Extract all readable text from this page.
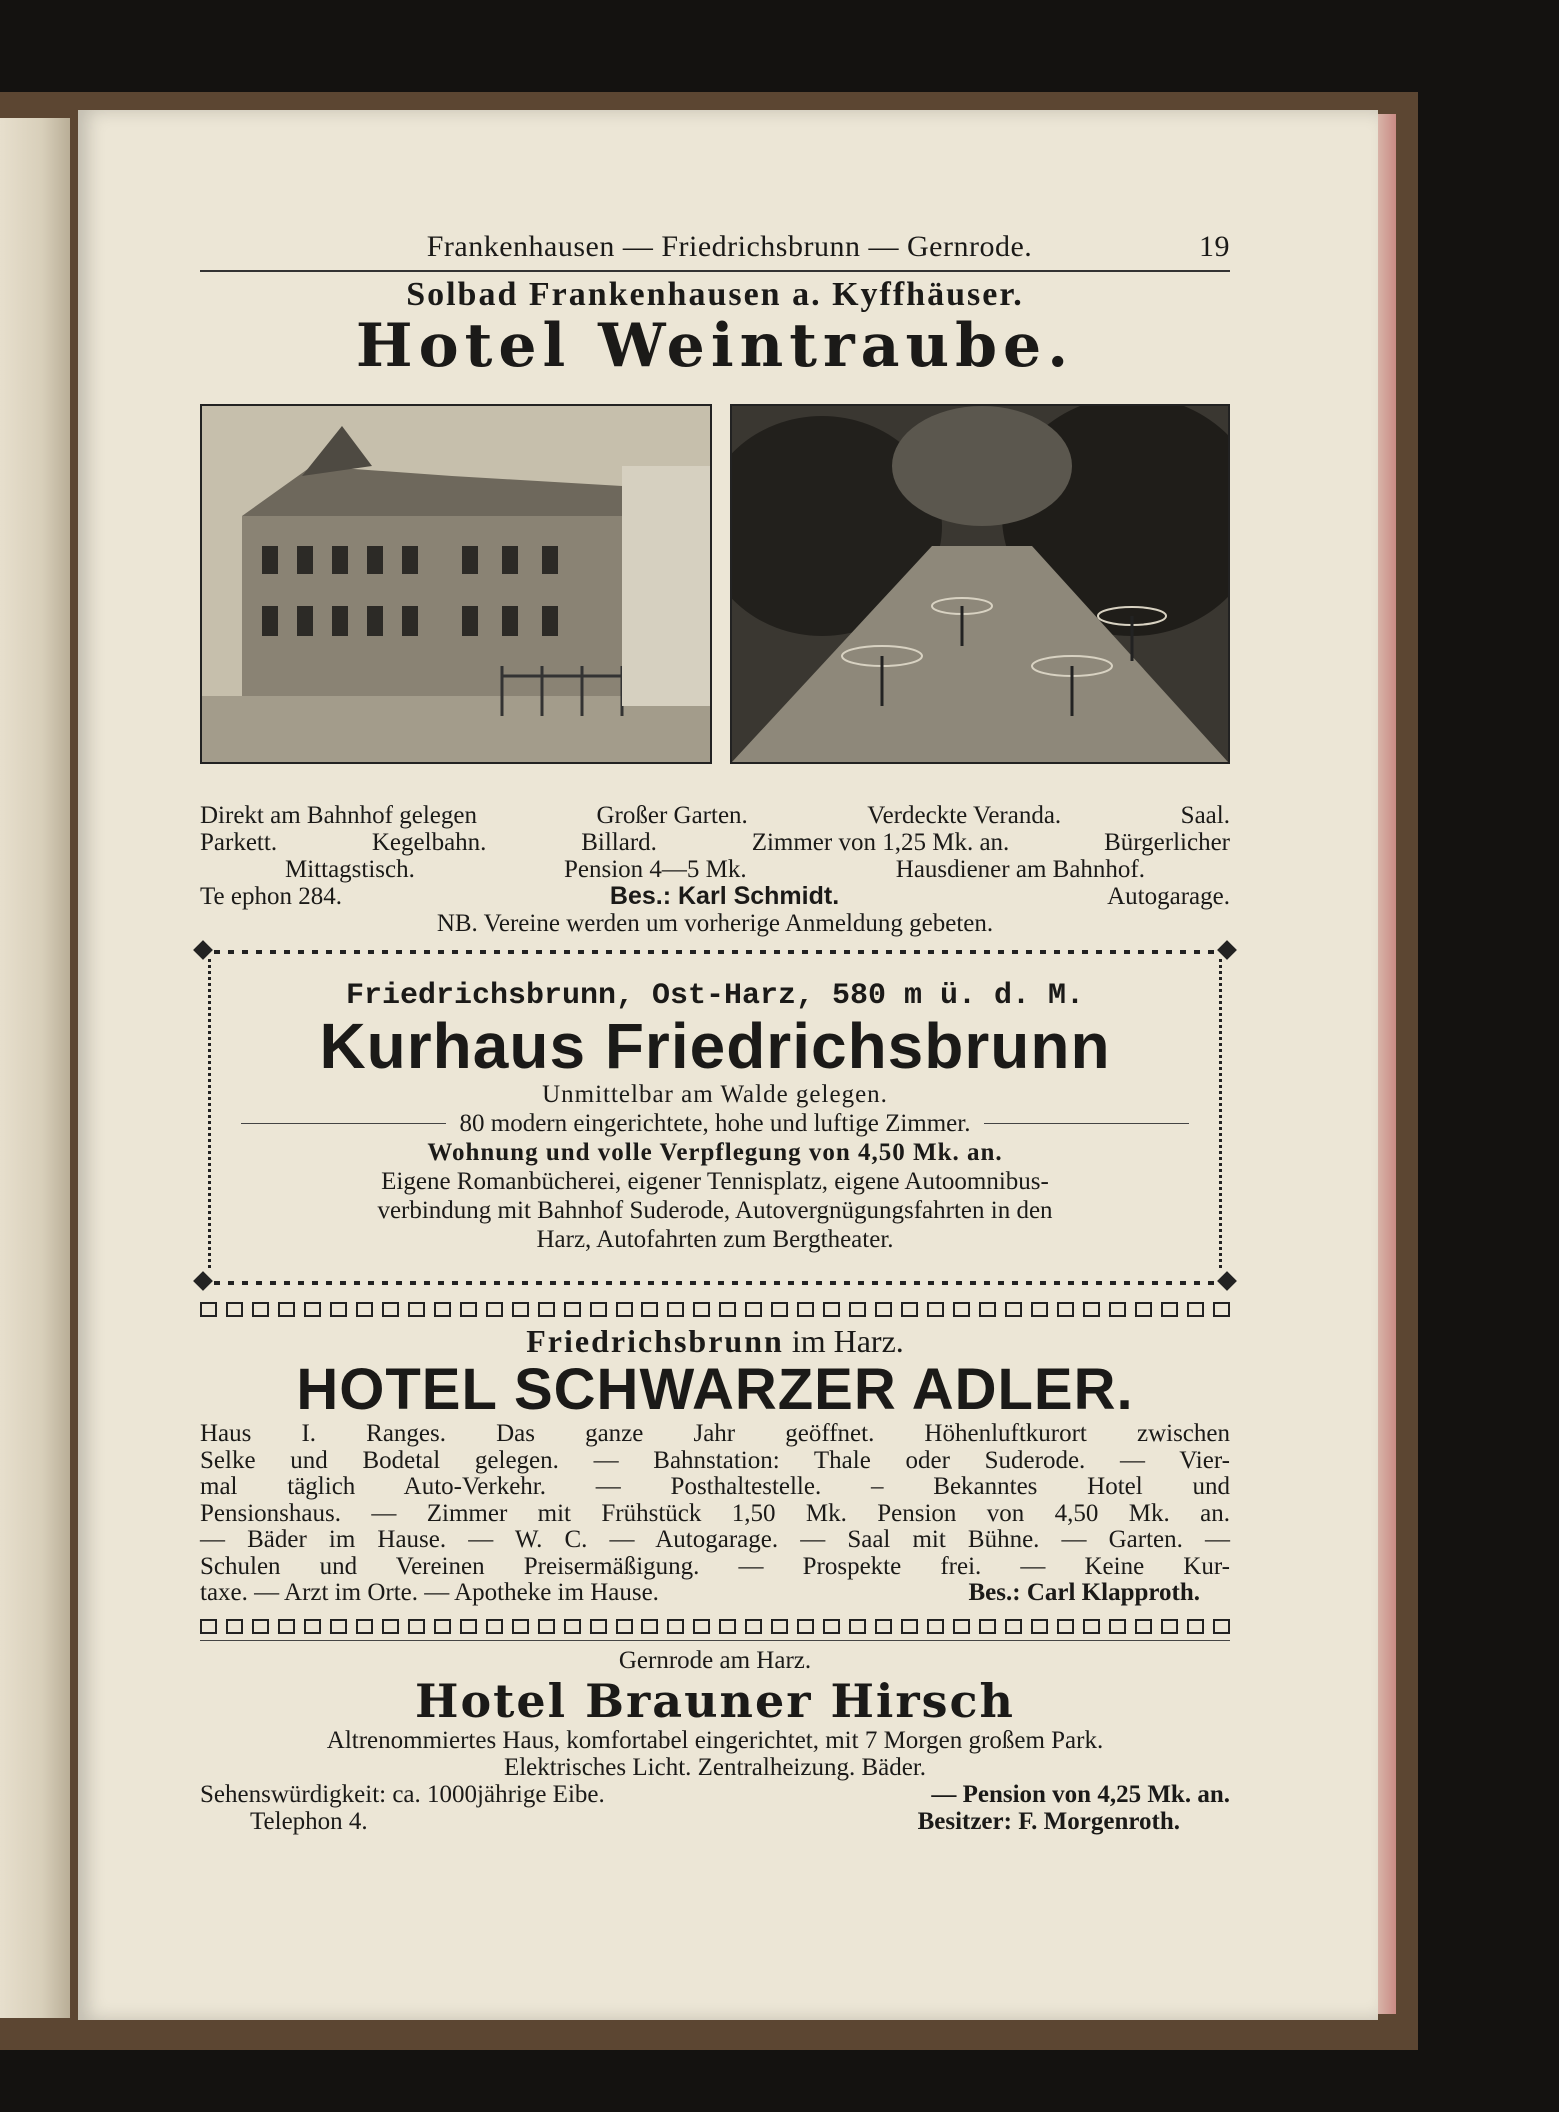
Frankenhausen — Friedrichsbrunn — Gernrode.	19
Solbad Frankenhausen a. Kyffhäuser.
Hotel Weintraube.
Direkt am Bahnhof gelegen	Großer Garten.	Verdeckte Veranda.	Saal.
Parkett.	Kegelbahn.	Billard.	Zimmer von 1,25 Mk. an.	Bürgerlicher
Mittagstisch.	Pension 4—5 Mk.	Hausdiener am Bahnhof.
Te ephon 284.	Bes.: Karl Schmidt.	Autogarage.
NB. Vereine werden um vorherige Anmeldung gebeten.
Friedrichsbrunn, Ost-Harz, 580 m ü. d. M.
Kurhaus Friedrichsbrunn
Unmittelbar am Walde gelegen.
80 modern eingerichtete, hohe und luftige Zimmer.
Wohnung und volle Verpflegung von 4,50 Mk. an.
Eigene Romanbücherei, eigener Tennisplatz, eigene Autoomnibus-
verbindung mit Bahnhof Suderode, Autovergnügungsfahrten in den
Harz, Autofahrten zum Bergtheater.
Friedrichsbrunn im Harz.
HOTEL SCHWARZER ADLER.
Haus I. Ranges. Das ganze Jahr geöffnet. Höhenluftkurort zwischen
Selke und Bodetal gelegen. — Bahnstation: Thale oder Suderode. — Vier-
mal täglich Auto-Verkehr. — Posthaltestelle. – Bekanntes Hotel und
Pensionshaus. — Zimmer mit Frühstück 1,50 Mk. Pension von 4,50 Mk. an.
— Bäder im Hause. — W. C. — Autogarage. — Saal mit Bühne. — Garten. —
Schulen und Vereinen Preisermäßigung. — Prospekte frei. — Keine Kur-
taxe. — Arzt im Orte. — Apotheke im Hause.	Bes.: Carl Klapproth.
Gernrode am Harz.
Hotel Brauner Hirsch
Altrenommiertes Haus, komfortabel eingerichtet, mit 7 Morgen großem Park.
Elektrisches Licht. Zentralheizung. Bäder.
Sehenswürdigkeit: ca. 1000jährige Eibe.	— Pension von 4,25 Mk. an.
Telephon 4.	Besitzer: F. Morgenroth.
